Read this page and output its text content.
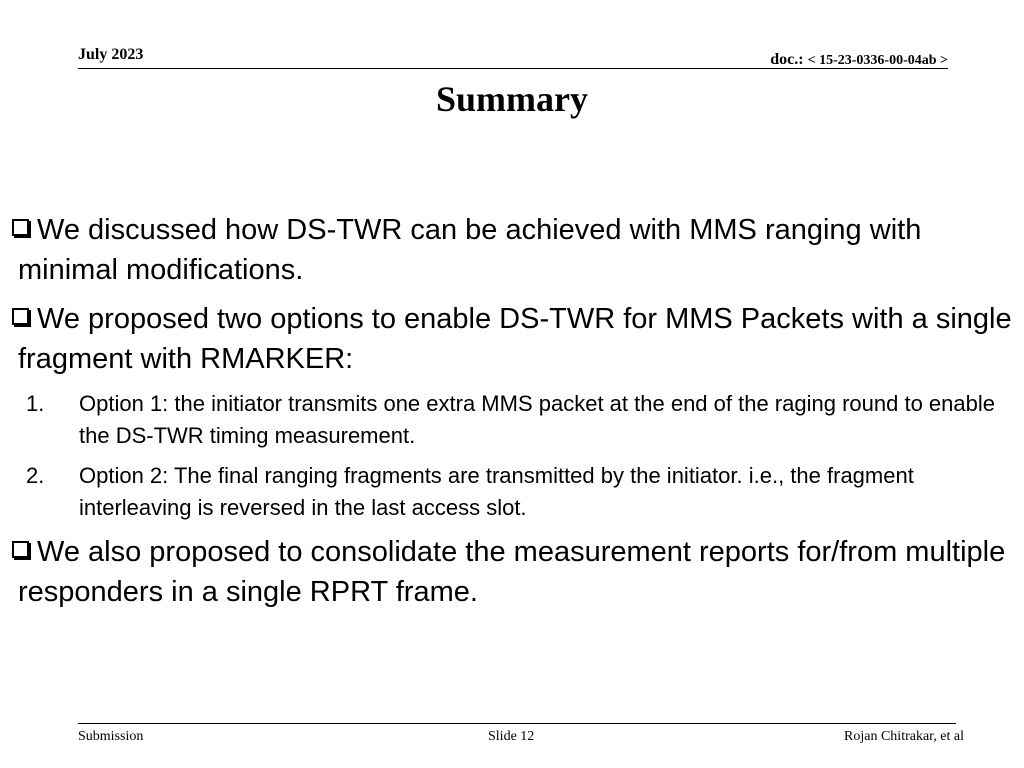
July 2023	doc.: < 15-23-0336-00-04ab >
Summary
We discussed how DS-TWR can be achieved with MMS ranging with minimal modifications.
We proposed two options to enable DS-TWR for MMS Packets with a single fragment with RMARKER:
1. Option 1: the initiator transmits one extra MMS packet at the end of the raging round to enable the DS-TWR timing measurement.
2. Option 2: The final ranging fragments are transmitted by the initiator. i.e., the fragment interleaving is reversed in the last access slot.
We also proposed to consolidate the measurement reports for/from multiple responders in a single RPRT frame.
Submission	Slide 12	Rojan Chitrakar, et al
